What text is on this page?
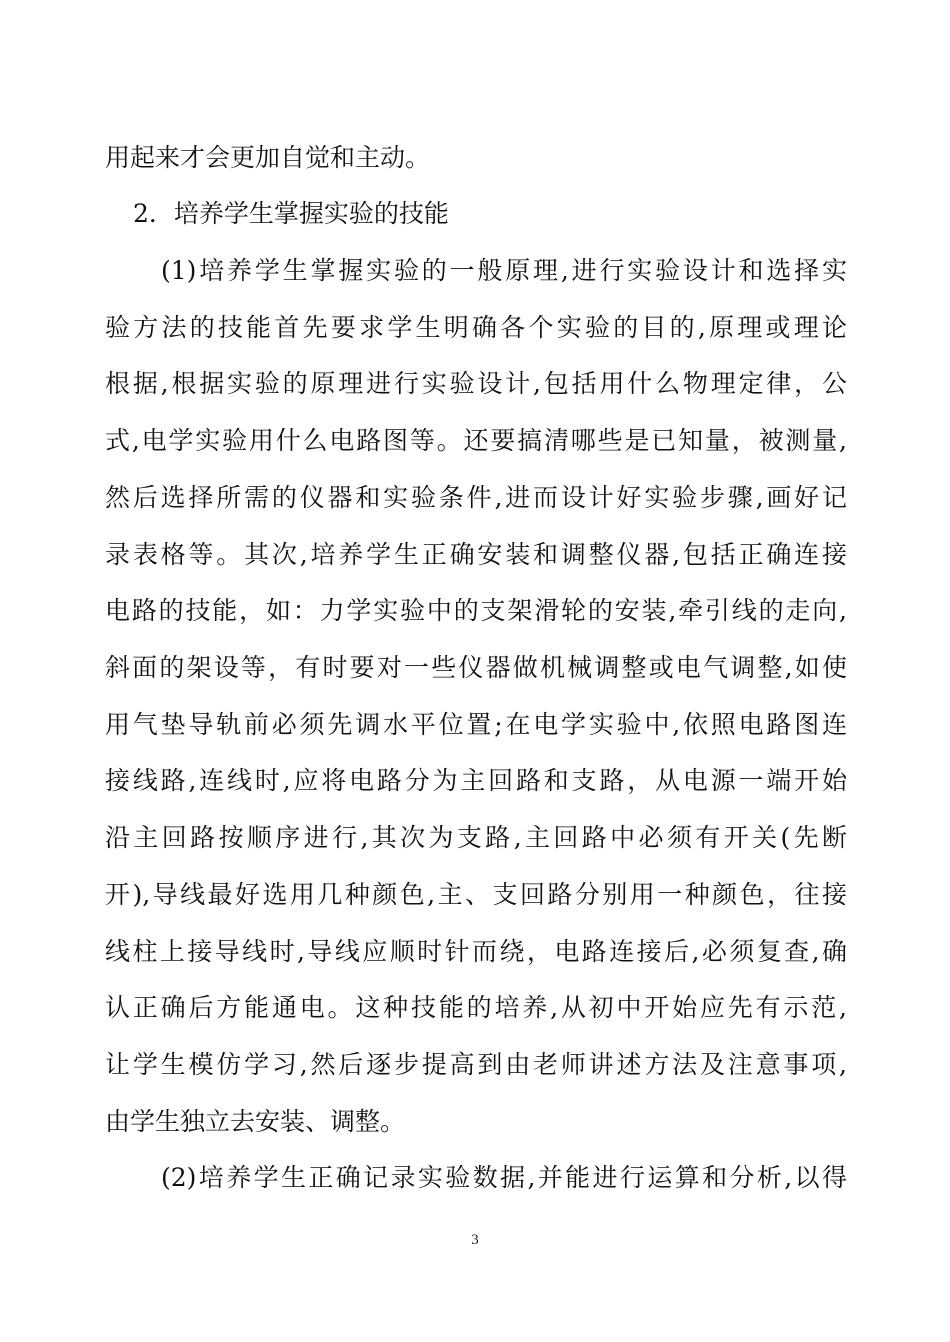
用起来才会更加自觉和主动。
2．培养学生掌握实验的技能
(1)培养学生掌握实验的一般原理,进行实验设计和选择实
验方法的技能首先要求学生明确各个实验的目的,原理或理论
根据,根据实验的原理进行实验设计,包括用什么物理定律，公
式,电学实验用什么电路图等。还要搞清哪些是已知量，被测量,
然后选择所需的仪器和实验条件,进而设计好实验步骤,画好记
录表格等。其次,培养学生正确安装和调整仪器,包括正确连接
电路的技能，如：力学实验中的支架滑轮的安装,牵引线的走向,
斜面的架设等，有时要对一些仪器做机械调整或电气调整,如使
用气垫导轨前必须先调水平位置;在电学实验中,依照电路图连
接线路,连线时,应将电路分为主回路和支路，从电源一端开始
沿主回路按顺序进行,其次为支路,主回路中必须有开关(先断
开),导线最好选用几种颜色,主、支回路分别用一种颜色，往接
线柱上接导线时,导线应顺时针而绕，电路连接后,必须复查,确
认正确后方能通电。这种技能的培养,从初中开始应先有示范,
让学生模仿学习,然后逐步提高到由老师讲述方法及注意事项,
由学生独立去安装、调整。
(2)培养学生正确记录实验数据,并能进行运算和分析,以得
3
